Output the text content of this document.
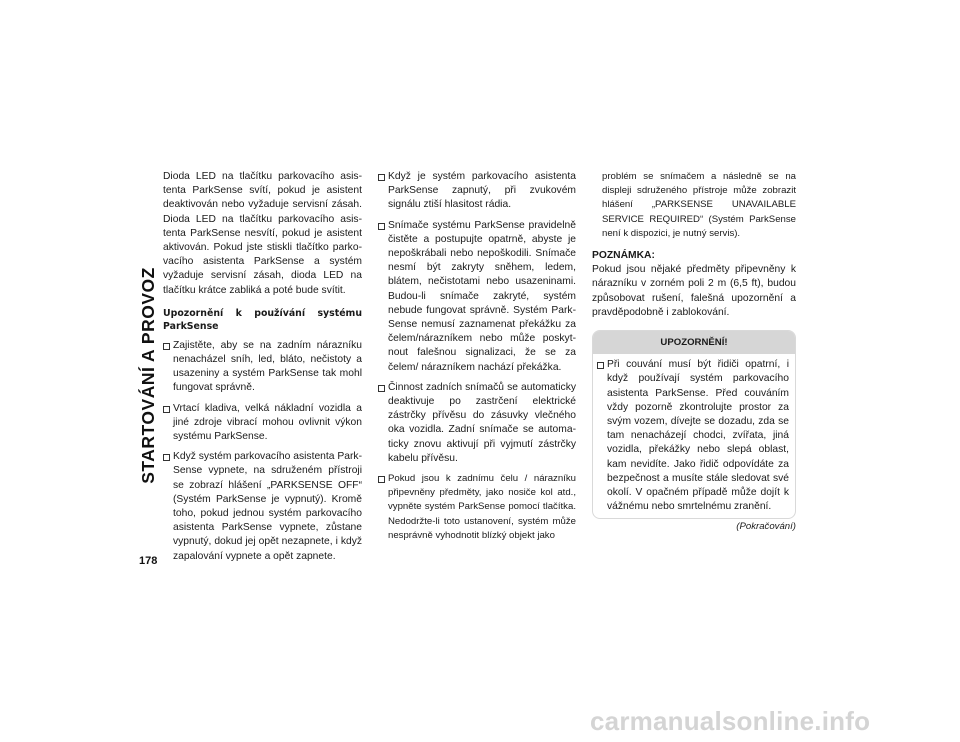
STARTOVÁNÍ A PROVOZ
178

Dioda LED na tlačítku parkovacího asistenta ParkSense svítí, pokud je asistent deaktivován nebo vyžaduje servisní zásah. Dioda LED na tlačítku parkovacího asistenta ParkSense nesvítí, pokud je asistent aktivován. Pokud jste stiskli tlačítko parkovacího asistenta ParkSense a systém vyžaduje servisní zásah, dioda LED na tlačítku krátce zabliká a poté bude svítit.

Upozornění k používání systému ParkSense
Zajistěte, aby se na zadním nárazníku nenacházel sníh, led, bláto, nečistoty a usazeniny a systém ParkSense tak mohl fungovat správně.
Vrtací kladiva, velká nákladní vozidla a jiné zdroje vibrací mohou ovlivnit výkon systému ParkSense.
Když systém parkovacího asistenta ParkSense vypnete, na sdruženém přístroji se zobrazí hlášení „PARKSENSE OFF“ (Systém ParkSense je vypnutý). Kromě toho, pokud jednou systém parkovacího asistenta ParkSense vypnete, zůstane vypnutý, dokud jej opět nezapnete, i když zapalování vypnete a opět zapnete.
Když je systém parkovacího asistenta ParkSense zapnutý, při zvukovém signálu ztiší hlasitost rádia.
Snímače systému ParkSense pravidelně čistěte a postupujte opatrně, abyste je nepoškrábali nebo nepoškodili. Snímače nesmí být zakryty sněhem, ledem, blátem, nečistotami nebo usazeninami. Budou-li snímače zakryté, systém nebude fungovat správně. Systém ParkSense nemusí zaznamenat překážku za čelem/nárazníkem nebo může poskytnout falešnou signalizaci, že se za čelem/ nárazníkem nachází překážka.
Činnost zadních snímačů se automaticky deaktivuje po zastrčení elektrické zástrčky přívěsu do zásuvky vlečného oka vozidla. Zadní snímače se automaticky znovu aktivují při vyjmutí zástrčky kabelu přívěsu.
Pokud jsou k zadnímu čelu / nárazníku připevněny předměty, jako nosiče kol atd., vypněte systém ParkSense pomocí tlačítka. Nedodržte-li toto ustanovení, systém může nesprávně vyhodnotit blízký objekt jako

problém se snímačem a následně se na displeji sdruženého přístroje může zobrazit hlášení „PARKSENSE UNAVAILABLE SERVICE REQUIRED“ (Systém ParkSense není k dispozici, je nutný servis).

POZNÁMKA:

Pokud jsou nějaké předměty připevněny k nárazníku v zorném poli 2 m (6,5 ft), budou způsobovat rušení, falešná upozornění a pravděpodobně i zablokování.

UPOZORNĚNÍ!
Při couvání musí být řidiči opatrní, i když používají systém parkovacího asistenta ParkSense. Před couváním vždy pozorně zkontrolujte prostor za svým vozem, dívejte se dozadu, zda se tam nenacházejí chodci, zvířata, jiná vozidla, překážky nebo slepá oblast, kam nevidíte. Jako řidič odpovídáte za bezpečnost a musíte stále sledovat své okolí. V opačném případě může dojít k vážnému nebo smrtelnému zranění.
(Pokračování)
carmanualsonline.info
